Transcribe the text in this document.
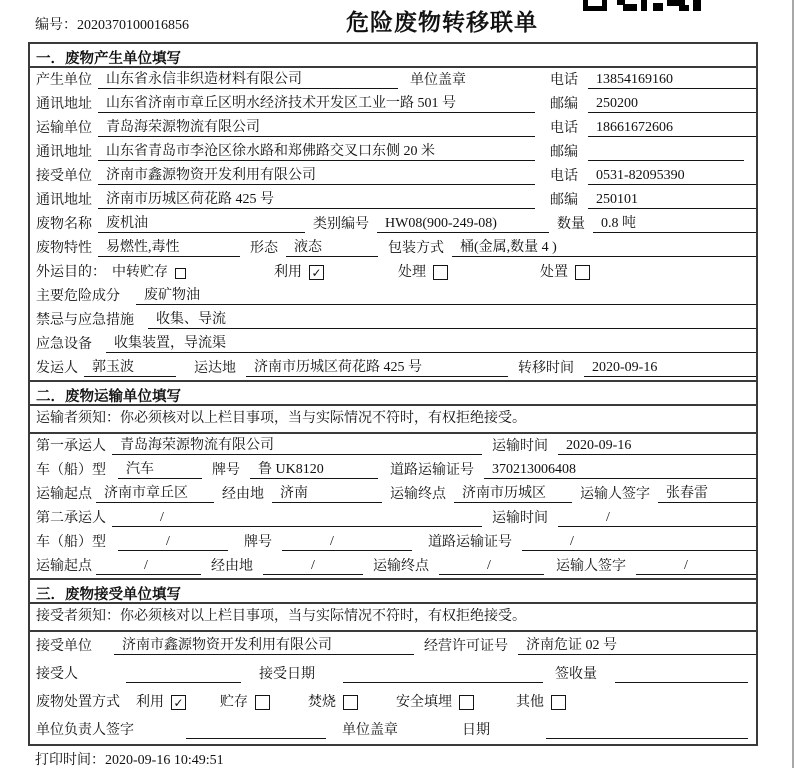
编号：2020370100016856	危险废物转移联单
一．废物产生单位填写
产生单位	山东省永信非织造材料有限公司	单位盖章	电话	13854169160
通讯地址	山东省济南市章丘区明水经济技术开发区工业一路 501 号	邮编	250200
运输单位	青岛海荣源物流有限公司	电话	18661672606
通讯地址	山东省青岛市李沧区徐水路和郑佛路交叉口东侧 20 米	邮编
接受单位	济南市鑫源物资开发利用有限公司	电话	0531-82095390
通讯地址	济南市历城区荷花路 425 号	邮编	250101
废物名称	废机油	类别编号	HW08(900-249-08)	数量	0.8 吨
废物特性	易燃性,毒性	形态	液态	包装方式	桶(金属,数量 4 )
外运目的： 中转贮存	利用 ✓	处理	处置
主要危险成分	废矿物油
禁忌与应急措施	收集、导流
应急设备	收集装置，导流渠
发运人	郭玉波	运达地	济南市历城区荷花路 425 号	转移时间	2020-09-16
二．废物运输单位填写
运输者须知：你必须核对以上栏目事项，当与实际情况不符时，有权拒绝接受。
第一承运人	青岛海荣源物流有限公司	运输时间	2020-09-16
车（船）型	汽车	牌号	鲁 UK8120	道路运输证号	370213006408
运输起点 济南市章丘区	经由地	济南	运输终点	济南市历城区	运输人签字	张春雷
第二承运人	/	运输时间	/
车（船）型	/	牌号	/	道路运输证号	/
运输起点	/	经由地	/	运输终点	/	运输人签字	/
三．废物接受单位填写
接受者须知：你必须核对以上栏目事项，当与实际情况不符时，有权拒绝接受。
接受单位	济南市鑫源物资开发利用有限公司	经营许可证号	济南危证 02 号
接受人	接受日期	签收量
废物处置方式 利用 ✓	贮存	焚烧	安全填埋	其他
单位负责人签字	单位盖章	日期
打印时间：2020-09-16 10:49:51
